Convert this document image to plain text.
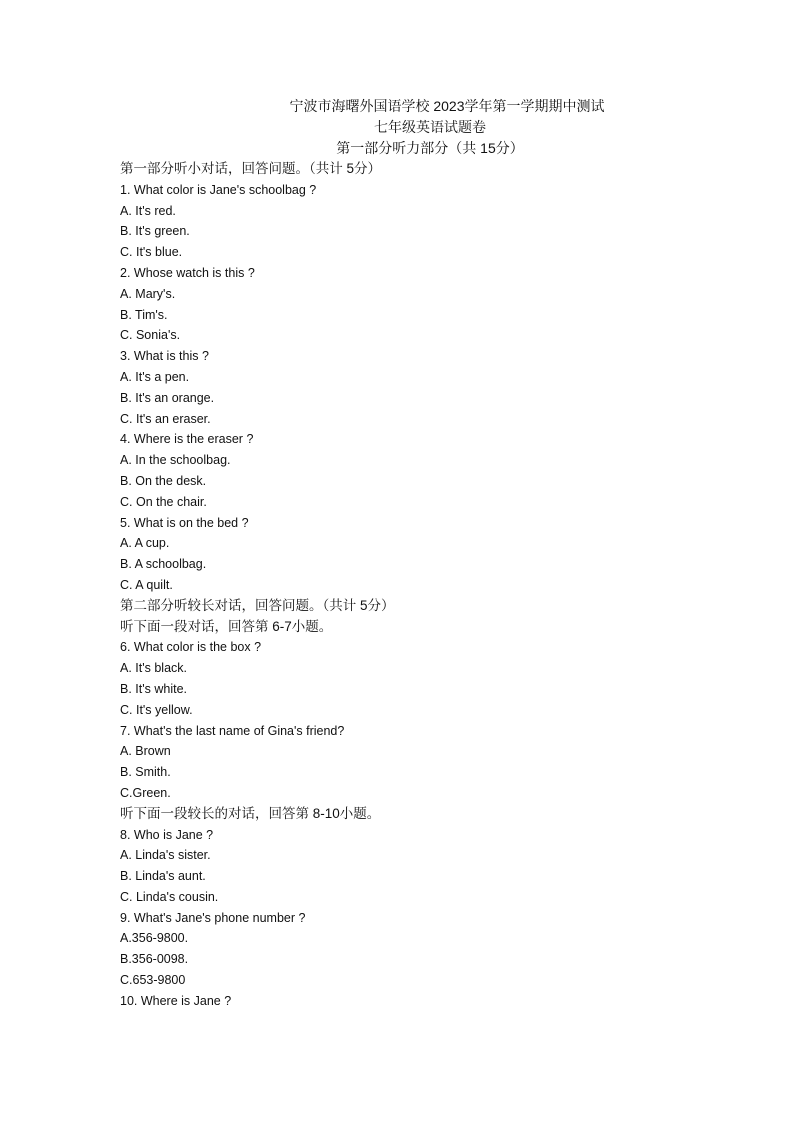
宁波市海曙外国语学校 2023学年第一学期期中测试
七年级英语试题卷
第一部分听力部分（共 15分）
第一部分听小对话，回答问题。（共计 5分）
1. What color is Jane's schoolbag ?
A. It's red.
B. It's green.
C. It's blue.
2. Whose watch is this ?
A. Mary's.
B. Tim's.
C. Sonia's.
3. What is this ?
A. It's a pen.
B. It's an orange.
C. It's an eraser.
4. Where is the eraser ?
A. In the schoolbag.
B. On the desk.
C. On the chair.
5. What is on the bed ?
A. A cup.
B. A schoolbag.
C. A quilt.
第二部分听较长对话，回答问题。（共计 5分）
听下面一段对话，回答第 6-7小题。
6. What color is the box ?
A. It's black.
B. It's white.
C. It's yellow.
7. What's the last name of Gina's friend?
A. Brown
B. Smith.
C.Green.
听下面一段较长的对话，回答第 8-10小题。
8. Who is Jane ?
A. Linda's sister.
B. Linda's aunt.
C. Linda's cousin.
9. What's Jane's phone number ?
A.356-9800.
B.356-0098.
C.653-9800
10. Where is Jane ?
